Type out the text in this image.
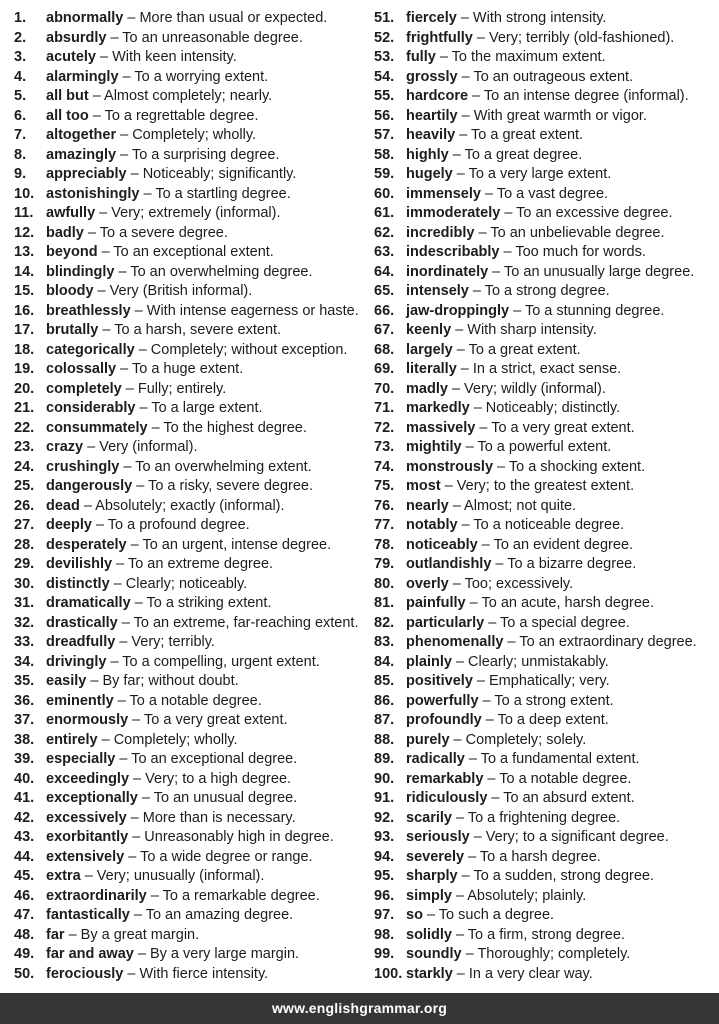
1.	abnormally – More than usual or expected.
2.	absurdly – To an unreasonable degree.
3.	acutely – With keen intensity.
4.	alarmingly – To a worrying extent.
5.	all but – Almost completely; nearly.
6.	all too – To a regrettable degree.
7.	altogether – Completely; wholly.
8.	amazingly – To a surprising degree.
9.	appreciably – Noticeably; significantly.
10. astonishingly – To a startling degree.
11. awfully – Very; extremely (informal).
12. badly – To a severe degree.
13. beyond – To an exceptional extent.
14. blindingly – To an overwhelming degree.
15. bloody – Very (British informal).
16. breathlessly – With intense eagerness or haste.
17. brutally – To a harsh, severe extent.
18. categorically – Completely; without exception.
19. colossally – To a huge extent.
20. completely – Fully; entirely.
21. considerably – To a large extent.
22. consummately – To the highest degree.
23. crazy – Very (informal).
24. crushingly – To an overwhelming extent.
25. dangerously – To a risky, severe degree.
26. dead – Absolutely; exactly (informal).
27. deeply – To a profound degree.
28. desperately – To an urgent, intense degree.
29. devilishly – To an extreme degree.
30. distinctly – Clearly; noticeably.
31. dramatically – To a striking extent.
32. drastically – To an extreme, far-reaching extent.
33. dreadfully – Very; terribly.
34. drivingly – To a compelling, urgent extent.
35. easily – By far; without doubt.
36. eminently – To a notable degree.
37. enormously – To a very great extent.
38. entirely – Completely; wholly.
39. especially – To an exceptional degree.
40. exceedingly – Very; to a high degree.
41. exceptionally – To an unusual degree.
42. excessively – More than is necessary.
43. exorbitantly – Unreasonably high in degree.
44. extensively – To a wide degree or range.
45. extra – Very; unusually (informal).
46. extraordinarily – To a remarkable degree.
47. fantastically – To an amazing degree.
48. far – By a great margin.
49. far and away – By a very large margin.
50. ferociously – With fierce intensity.
51. fiercely – With strong intensity.
52. frightfully – Very; terribly (old-fashioned).
53. fully – To the maximum extent.
54. grossly – To an outrageous extent.
55. hardcore – To an intense degree (informal).
56. heartily – With great warmth or vigor.
57. heavily – To a great extent.
58. highly – To a great degree.
59. hugely – To a very large extent.
60. immensely – To a vast degree.
61. immoderately – To an excessive degree.
62. incredibly – To an unbelievable degree.
63. indescribably – Too much for words.
64. inordinately – To an unusually large degree.
65. intensely – To a strong degree.
66. jaw-droppingly – To a stunning degree.
67. keenly – With sharp intensity.
68. largely – To a great extent.
69. literally – In a strict, exact sense.
70. madly – Very; wildly (informal).
71. markedly – Noticeably; distinctly.
72. massively – To a very great extent.
73. mightily – To a powerful extent.
74. monstrously – To a shocking extent.
75. most – Very; to the greatest extent.
76. nearly – Almost; not quite.
77. notably – To a noticeable degree.
78. noticeably – To an evident degree.
79. outlandishly – To a bizarre degree.
80. overly – Too; excessively.
81. painfully – To an acute, harsh degree.
82. particularly – To a special degree.
83. phenomenally – To an extraordinary degree.
84. plainly – Clearly; unmistakably.
85. positively – Emphatically; very.
86. powerfully – To a strong extent.
87. profoundly – To a deep extent.
88. purely – Completely; solely.
89. radically – To a fundamental extent.
90. remarkably – To a notable degree.
91. ridiculously – To an absurd extent.
92. scarily – To a frightening degree.
93. seriously – Very; to a significant degree.
94. severely – To a harsh degree.
95. sharply – To a sudden, strong degree.
96. simply – Absolutely; plainly.
97. so – To such a degree.
98. solidly – To a firm, strong degree.
99. soundly – Thoroughly; completely.
100. starkly – In a very clear way.
www.englishgrammar.org
